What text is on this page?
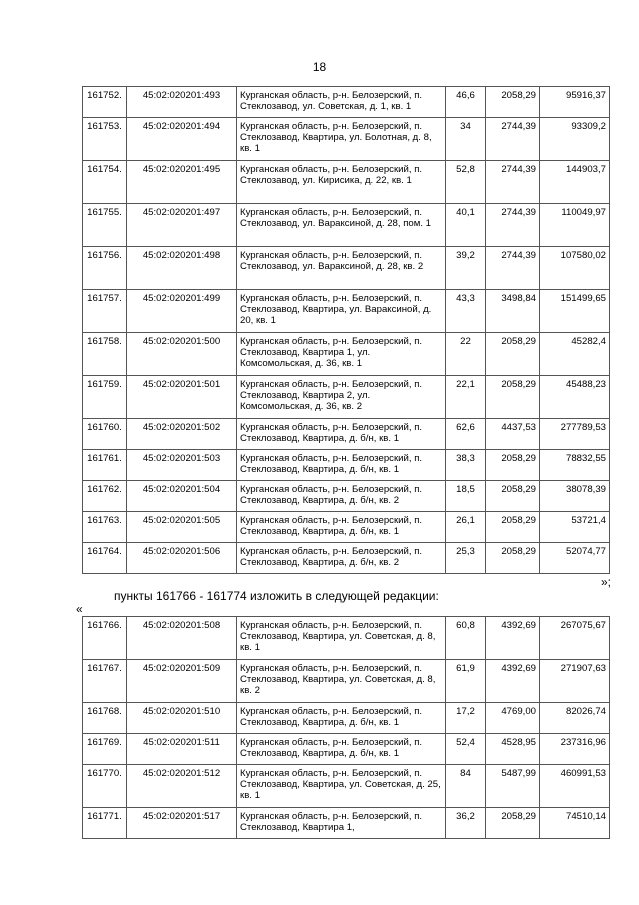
18
161752.	45:02:020201:493	Курганская область, р-н. Белозерский, п. Стеклозавод, ул. Советская, д. 1, кв. 1	46,6	2058,29	95916,37
161753.	45:02:020201:494	Курганская область, р-н. Белозерский, п. Стеклозавод, Квартира, ул. Болотная, д. 8, кв. 1	34	2744,39	93309,2
161754.	45:02:020201:495	Курганская область, р-н. Белозерский, п. Стеклозавод, ул. Кирисика, д. 22, кв. 1	52,8	2744,39	144903,7
161755.	45:02:020201:497	Курганская область, р-н. Белозерский, п. Стеклозавод, ул. Вараксиной, д. 28, пом. 1	40,1	2744,39	110049,97
161756.	45:02:020201:498	Курганская область, р-н. Белозерский, п. Стеклозавод, ул. Вараксиной, д. 28, кв. 2	39,2	2744,39	107580,02
161757.	45:02:020201:499	Курганская область, р-н. Белозерский, п. Стеклозавод, Квартира, ул. Вараксиной, д. 20, кв. 1	43,3	3498,84	151499,65
161758.	45:02:020201:500	Курганская область, р-н. Белозерский, п. Стеклозавод, Квартира 1, ул. Комсомольская, д. 36, кв. 1	22	2058,29	45282,4
161759.	45:02:020201:501	Курганская область, р-н. Белозерский, п. Стеклозавод, Квартира 2, ул. Комсомольская, д. 36, кв. 2	22,1	2058,29	45488,23
161760.	45:02:020201:502	Курганская область, р-н. Белозерский, п. Стеклозавод, Квартира, д. б/н, кв. 1	62,6	4437,53	277789,53
161761.	45:02:020201:503	Курганская область, р-н. Белозерский, п. Стеклозавод, Квартира, д. б/н, кв. 1	38,3	2058,29	78832,55
161762.	45:02:020201:504	Курганская область, р-н. Белозерский, п. Стеклозавод, Квартира, д. б/н, кв. 2	18,5	2058,29	38078,39
161763.	45:02:020201:505	Курганская область, р-н. Белозерский, п. Стеклозавод, Квартира, д. б/н, кв. 1	26,1	2058,29	53721,4
161764.	45:02:020201:506	Курганская область, р-н. Белозерский, п. Стеклозавод, Квартира, д. б/н, кв. 2	25,3	2058,29	52074,77
»;
пункты 161766 - 161774 изложить в следующей редакции:
«
161766.	45:02:020201:508	Курганская область, р-н. Белозерский, п. Стеклозавод, Квартира, ул. Советская, д. 8, кв. 1	60,8	4392,69	267075,67
161767.	45:02:020201:509	Курганская область, р-н. Белозерский, п. Стеклозавод, Квартира, ул. Советская, д. 8, кв. 2	61,9	4392,69	271907,63
161768.	45:02:020201:510	Курганская область, р-н. Белозерский, п. Стеклозавод, Квартира, д. б/н, кв. 1	17,2	4769,00	82026,74
161769.	45:02:020201:511	Курганская область, р-н. Белозерский, п. Стеклозавод, Квартира, д. б/н, кв. 1	52,4	4528,95	237316,96
161770.	45:02:020201:512	Курганская область, р-н. Белозерский, п. Стеклозавод, Квартира, ул. Советская, д. 25, кв. 1	84	5487,99	460991,53
161771.	45:02:020201:517	Курганская область, р-н. Белозерский, п. Стеклозавод, Квартира 1,	36,2	2058,29	74510,14
